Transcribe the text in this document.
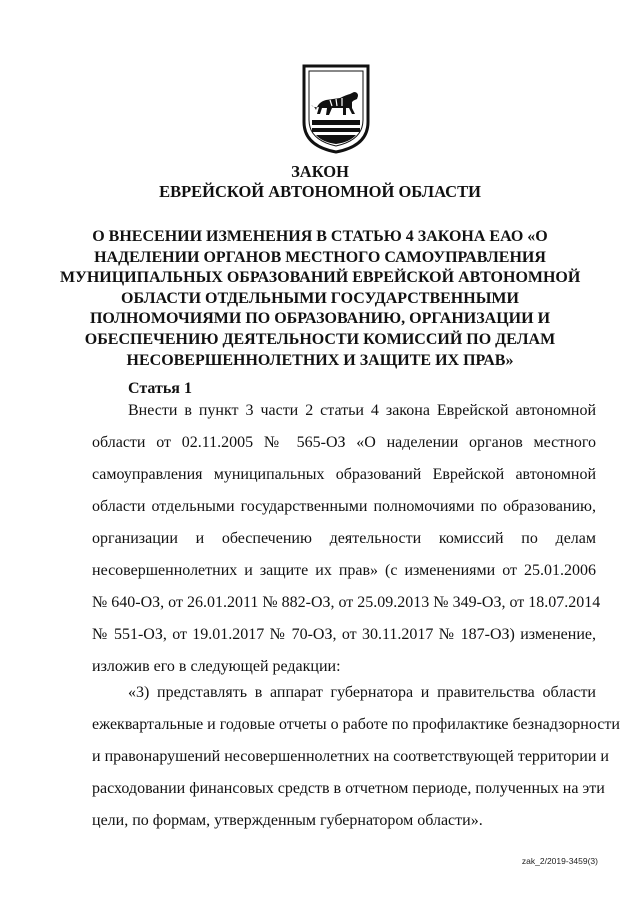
ЗАКОН
ЕВРЕЙСКОЙ АВТОНОМНОЙ ОБЛАСТИ
О ВНЕСЕНИИ ИЗМЕНЕНИЯ В СТАТЬЮ 4 ЗАКОНА ЕАО «О
НАДЕЛЕНИИ ОРГАНОВ МЕСТНОГО САМОУПРАВЛЕНИЯ
МУНИЦИПАЛЬНЫХ ОБРАЗОВАНИЙ ЕВРЕЙСКОЙ АВТОНОМНОЙ
ОБЛАСТИ ОТДЕЛЬНЫМИ ГОСУДАРСТВЕННЫМИ
ПОЛНОМОЧИЯМИ ПО ОБРАЗОВАНИЮ, ОРГАНИЗАЦИИ И
ОБЕСПЕЧЕНИЮ ДЕЯТЕЛЬНОСТИ КОМИССИЙ ПО ДЕЛАМ
НЕСОВЕРШЕННОЛЕТНИХ И ЗАЩИТЕ ИХ ПРАВ»
Статья 1
Внести в пункт 3 части 2 статьи 4 закона Еврейской автономной
области от 02.11.2005 № 565-ОЗ «О наделении органов местного
самоуправления муниципальных образований Еврейской автономной
области отдельными государственными полномочиями по образованию,
организации и обеспечению деятельности комиссий по делам
несовершеннолетних и защите их прав» (с изменениями от 25.01.2006
№ 640-ОЗ, от 26.01.2011 № 882-ОЗ, от 25.09.2013 № 349-ОЗ, от 18.07.2014
№ 551-ОЗ, от 19.01.2017 № 70-ОЗ, от 30.11.2017 № 187-ОЗ) изменение,
изложив его в следующей редакции:
«3) представлять в аппарат губернатора и правительства области
ежеквартальные и годовые отчеты о работе по профилактике безнадзорности
и правонарушений несовершеннолетних на соответствующей территории и
расходовании финансовых средств в отчетном периоде, полученных на эти
цели, по формам, утвержденным губернатором области».
zak_2/2019-3459(3)
